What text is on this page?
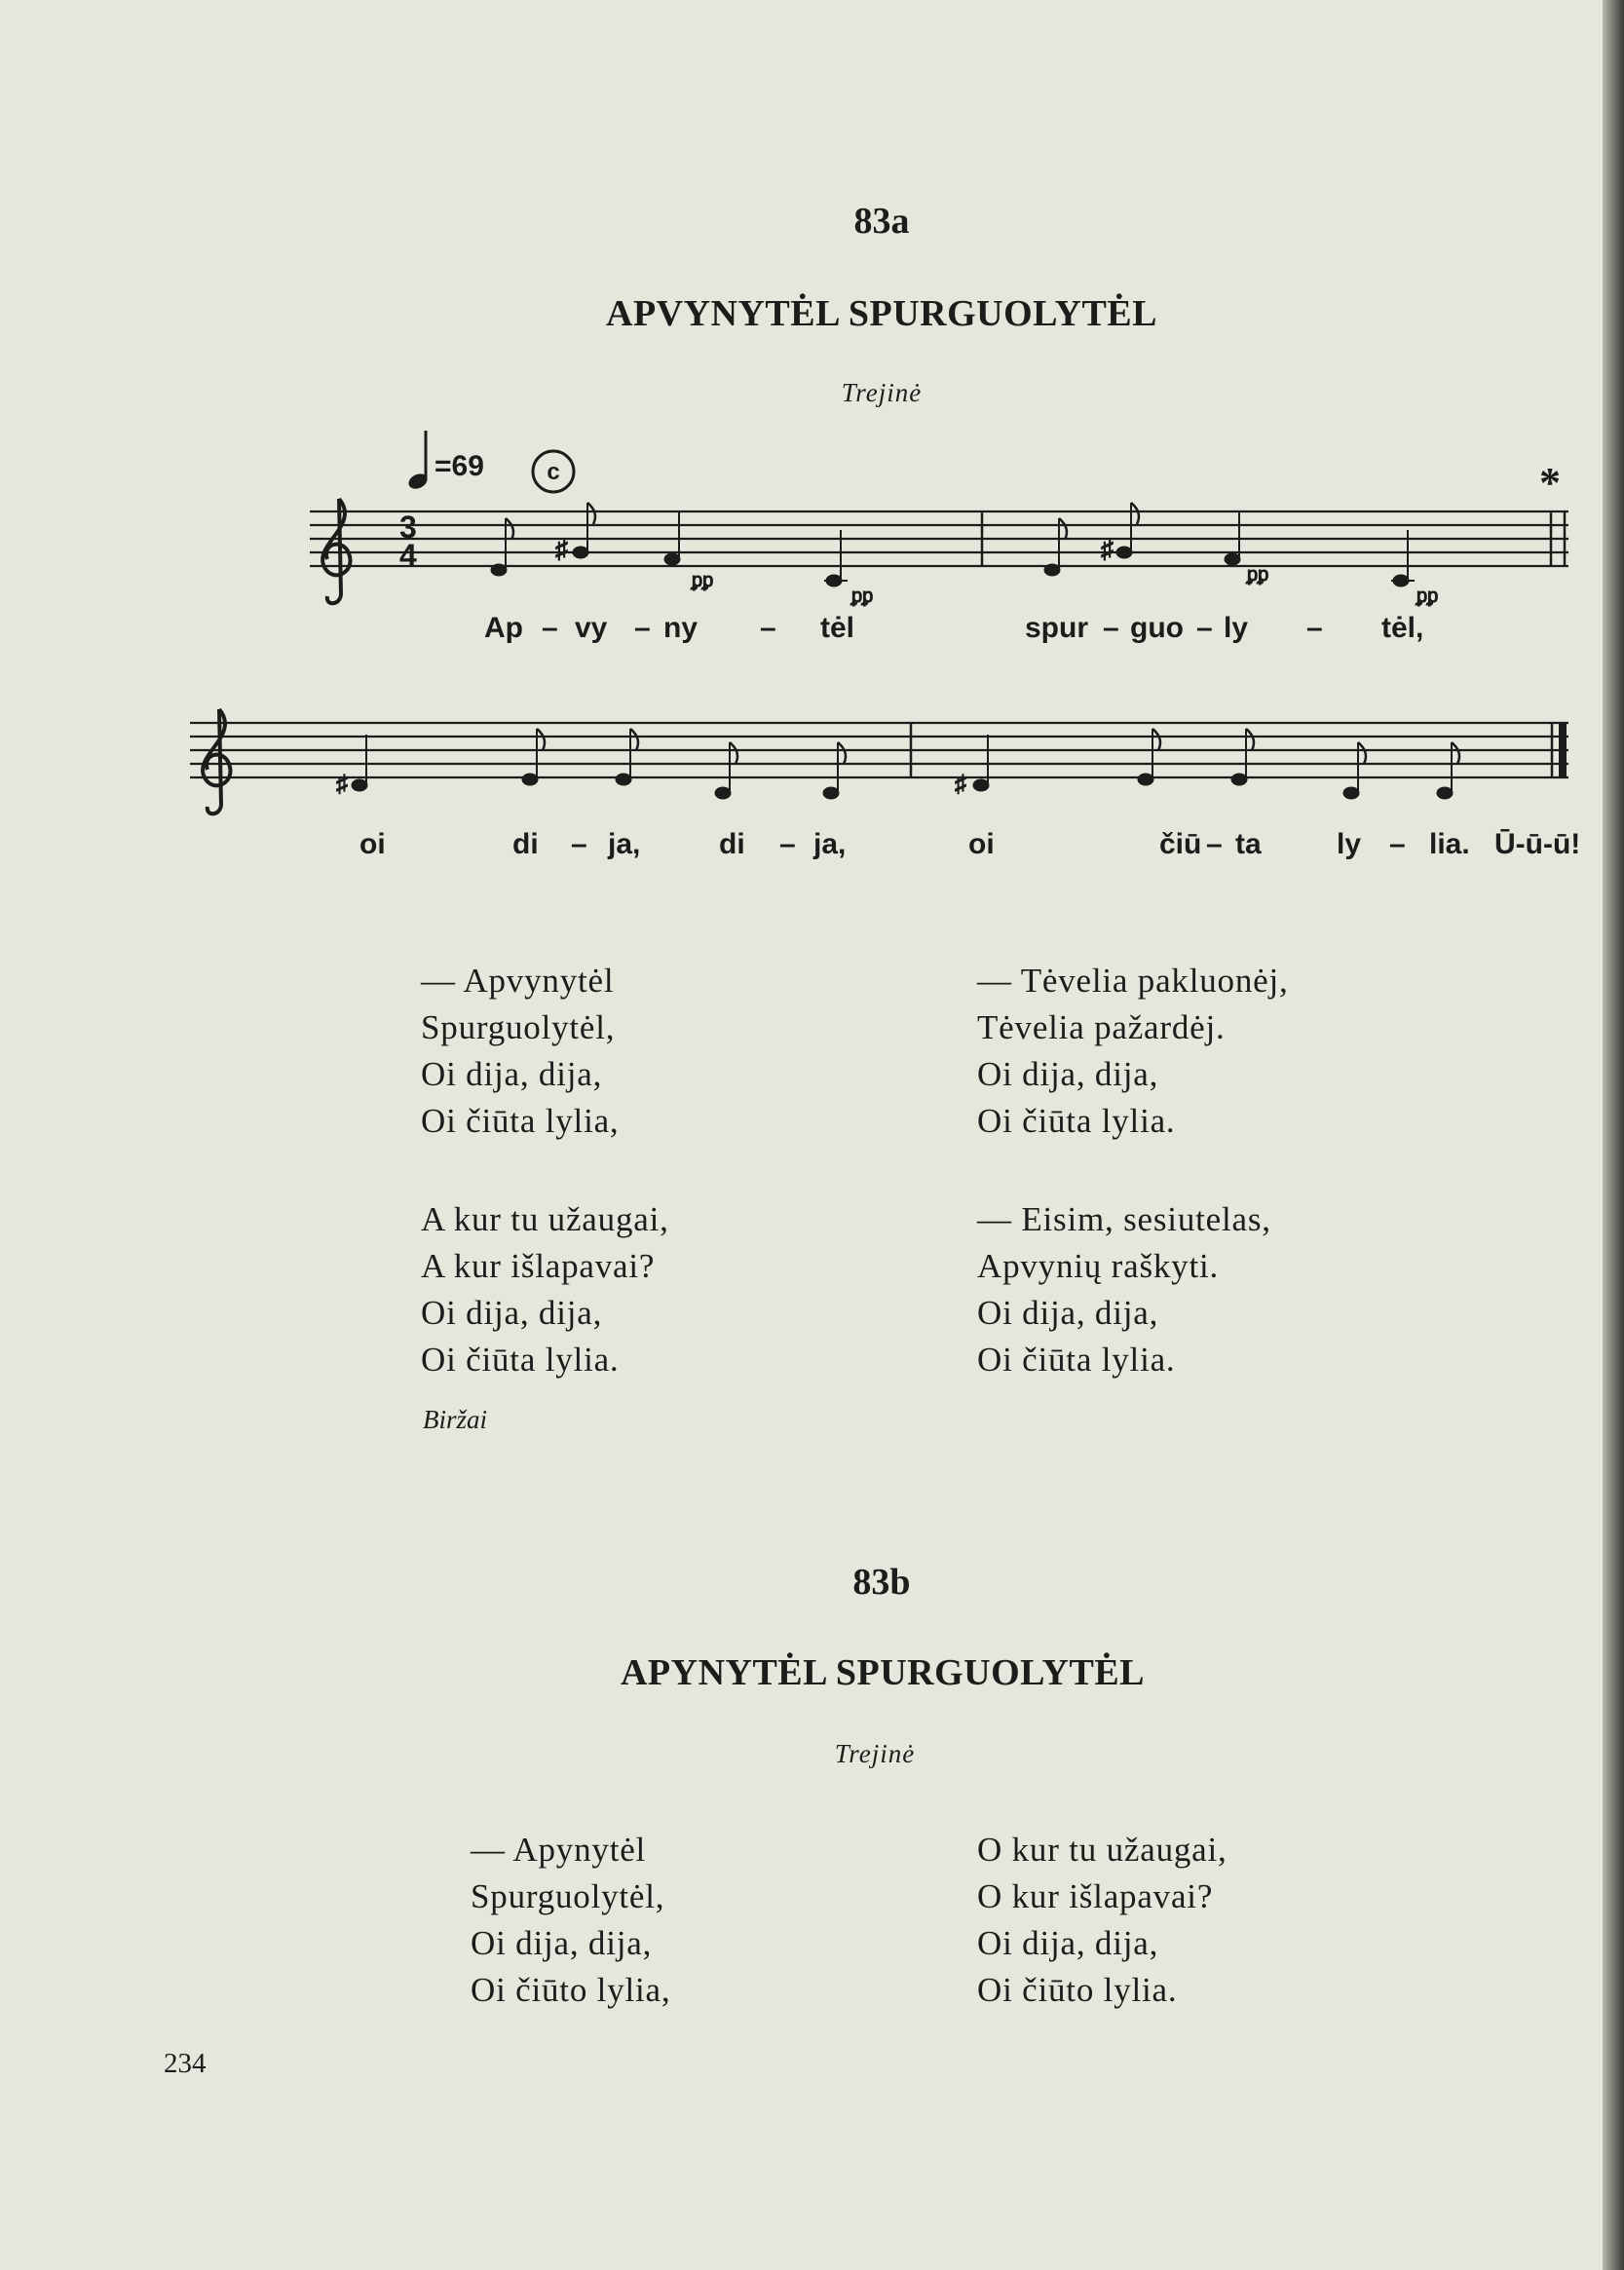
83a
APVYNYTĖL SPURGUOLYTĖL
Trejinė
=69	c	*
3
4	♯
ᵱᵱ
ᵱᵱ
♯
ᵱᵱ
ᵱᵱ
Ap – vy – ny – tėl	spur – guo – ly – tėl,
♯	♯
oi	di – ja,	di – ja,	oi	čiū – ta	ly – lia. Ū-ū-ū!
— Apvynytėl
Spurguolytėl,
Oi dija, dija,
Oi čiūta lylia,
— Tėvelia pakluonėj,
Tėvelia pažardėj.
Oi dija, dija,
Oi čiūta lylia.
A kur tu užaugai,
A kur išlapavai?
Oi dija, dija,
Oi čiūta lylia.
— Eisim, sesiutelas,
Apvynių raškyti.
Oi dija, dija,
Oi čiūta lylia.
Biržai
83b
APYNYTĖL SPURGUOLYTĖL
Trejinė
— Apynytėl
Spurguolytėl,
Oi dija, dija,
Oi čiūto lylia,
O kur tu užaugai,
O kur išlapavai?
Oi dija, dija,
Oi čiūto lylia.
234
